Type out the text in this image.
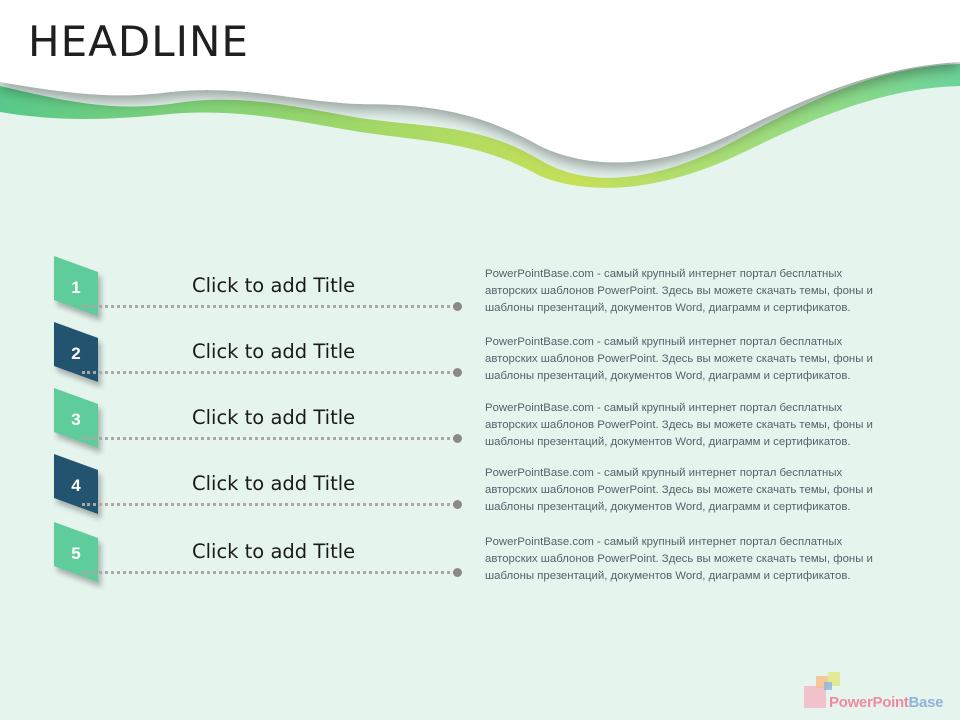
HEADLINE
1	Click to add Title	PowerPointBase.com - самый крупный интернет портал бесплатных авторских шаблонов PowerPoint. Здесь вы можете скачать темы, фоны и шаблоны презентаций, документов Word, диаграмм и сертификатов.
2	Click to add Title	PowerPointBase.com - самый крупный интернет портал бесплатных авторских шаблонов PowerPoint. Здесь вы можете скачать темы, фоны и шаблоны презентаций, документов Word, диаграмм и сертификатов.
3	Click to add Title	PowerPointBase.com - самый крупный интернет портал бесплатных авторских шаблонов PowerPoint. Здесь вы можете скачать темы, фоны и шаблоны презентаций, документов Word, диаграмм и сертификатов.
4	Click to add Title	PowerPointBase.com - самый крупный интернет портал бесплатных авторских шаблонов PowerPoint. Здесь вы можете скачать темы, фоны и шаблоны презентаций, документов Word, диаграмм и сертификатов.
5	Click to add Title	PowerPointBase.com - самый крупный интернет портал бесплатных авторских шаблонов PowerPoint. Здесь вы можете скачать темы, фоны и шаблоны презентаций, документов Word, диаграмм и сертификатов.
PowerPointBase
